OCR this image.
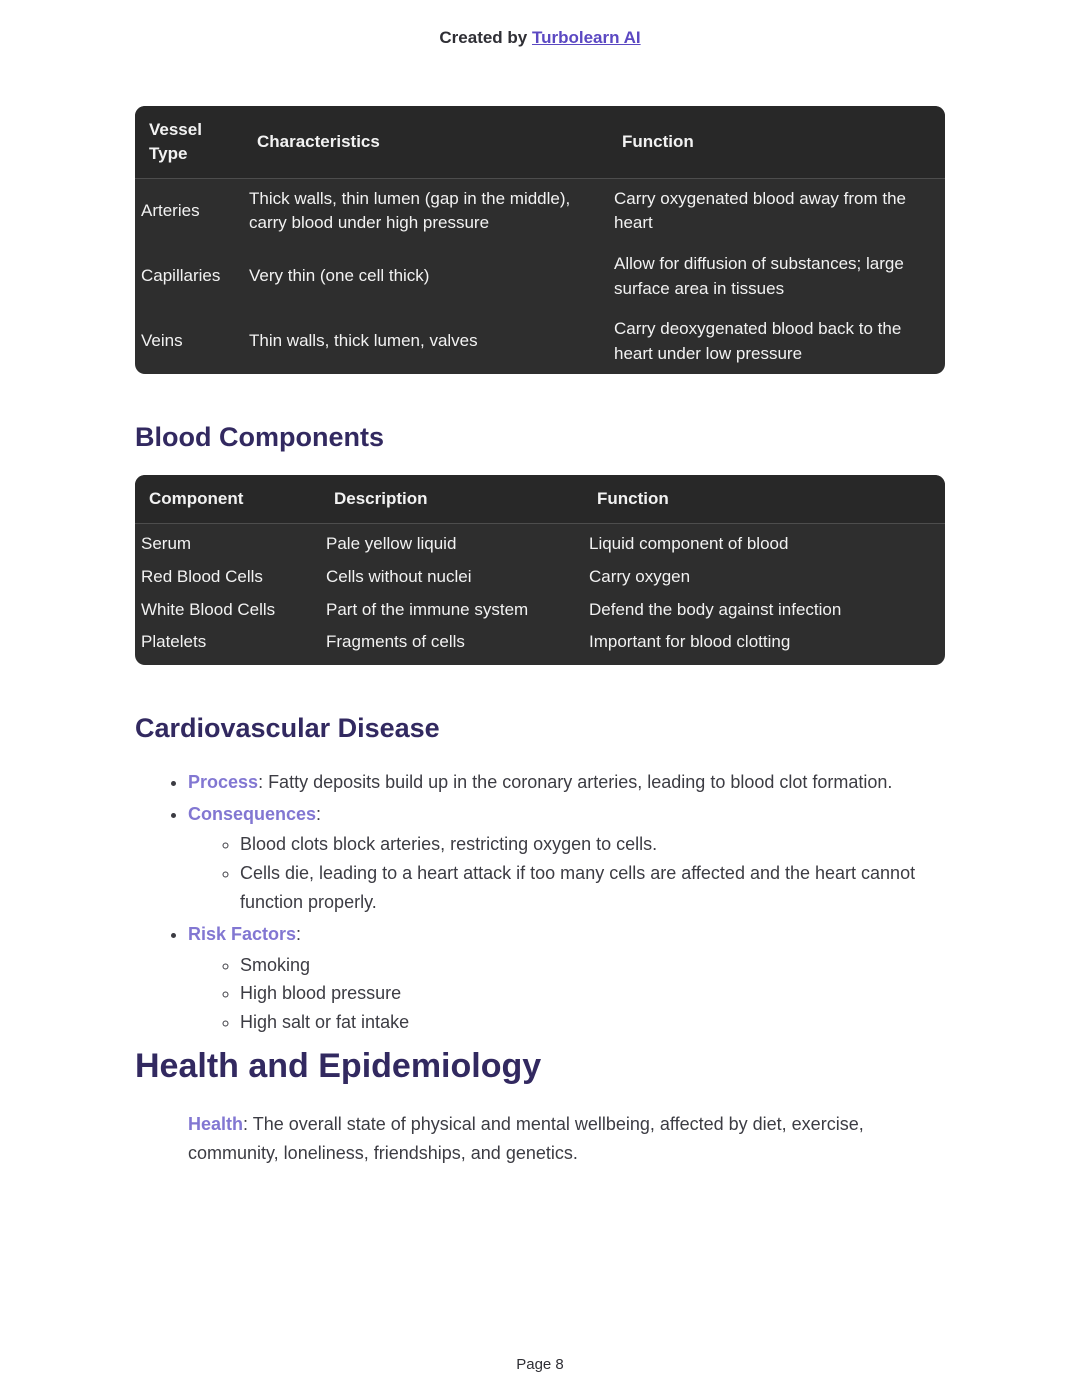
Created by Turbolearn AI
Vessel Type	Characteristics	Function
Arteries	Thick walls, thin lumen (gap in the middle), carry blood under high pressure	Carry oxygenated blood away from the heart
Capillaries	Very thin (one cell thick)	Allow for diffusion of substances; large surface area in tissues
Veins	Thin walls, thick lumen, valves	Carry deoxygenated blood back to the heart under low pressure
Blood Components
Component	Description	Function
Serum	Pale yellow liquid	Liquid component of blood
Red Blood Cells	Cells without nuclei	Carry oxygen
White Blood Cells	Part of the immune system	Defend the body against infection
Platelets	Fragments of cells	Important for blood clotting
Cardiovascular Disease
• Process: Fatty deposits build up in the coronary arteries, leading to blood clot formation.
• Consequences:
◦ Blood clots block arteries, restricting oxygen to cells.
◦ Cells die, leading to a heart attack if too many cells are affected and the heart cannot function properly.
• Risk Factors:
◦ Smoking
◦ High blood pressure
◦ High salt or fat intake
Health and Epidemiology

Health: The overall state of physical and mental wellbeing, affected by diet, exercise, community, loneliness, friendships, and genetics.

Page 8
